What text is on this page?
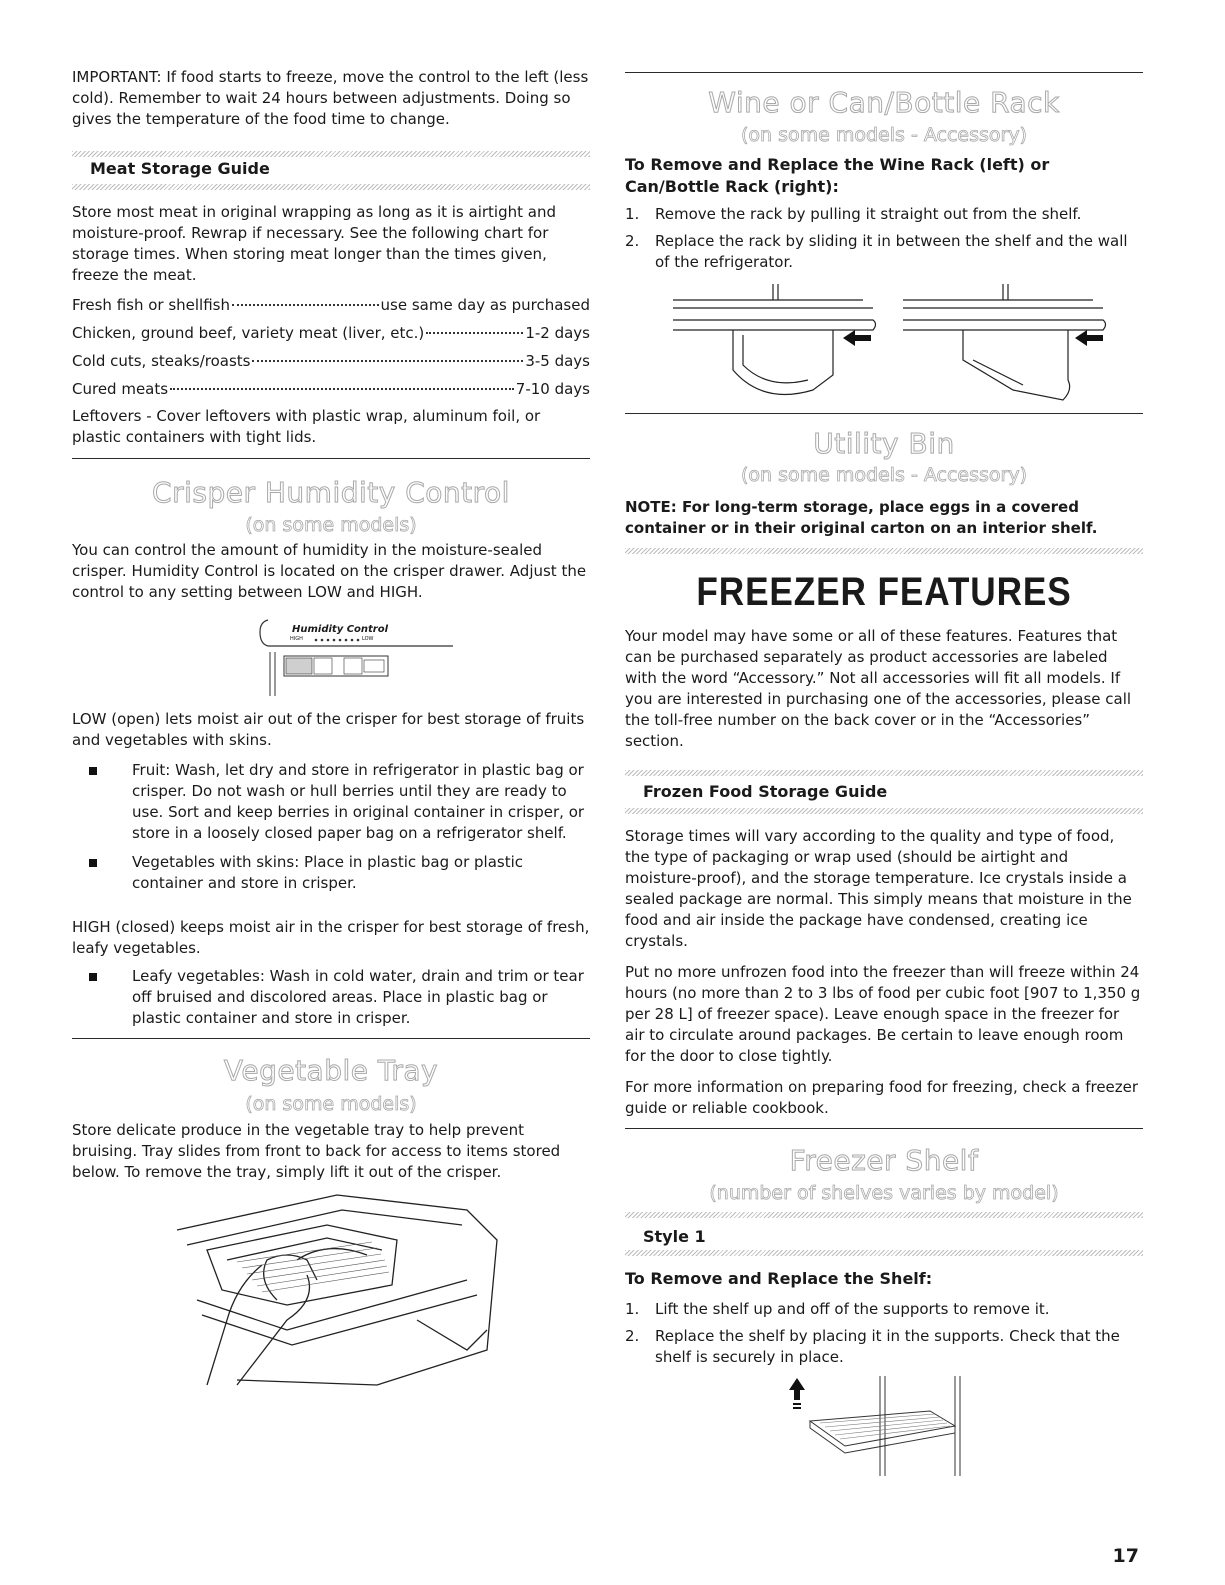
IMPORTANT: If food starts to freeze, move the control to the left (less cold). Remember to wait 24 hours between adjustments. Doing so gives the temperature of the food time to change.

Meat Storage Guide

Store most meat in original wrapping as long as it is airtight and moisture-proof. Rewrap if necessary. See the following chart for storage times. When storing meat longer than the times given, freeze the meat.

Fresh fish or shellfish	use same day as purchased
Chicken, ground beef, variety meat (liver, etc.)	1-2 days
Cold cuts, steaks/roasts	3-5 days
Cured meats	7-10 days

Leftovers - Cover leftovers with plastic wrap, aluminum foil, or plastic containers with tight lids.

Crisper Humidity Control
(on some models)

You can control the amount of humidity in the moisture-sealed crisper. Humidity Control is located on the crisper drawer. Adjust the control to any setting between LOW and HIGH.

Humidity Control
HIGH	LOW

LOW (open) lets moist air out of the crisper for best storage of fruits and vegetables with skins.

Fruit: Wash, let dry and store in refrigerator in plastic bag or crisper. Do not wash or hull berries until they are ready to use. Sort and keep berries in original container in crisper, or store in a loosely closed paper bag on a refrigerator shelf.
Vegetables with skins: Place in plastic bag or plastic container and store in crisper.

HIGH (closed) keeps moist air in the crisper for best storage of fresh, leafy vegetables.

Leafy vegetables: Wash in cold water, drain and trim or tear off bruised and discolored areas. Place in plastic bag or plastic container and store in crisper.
Vegetable Tray
(on some models)

Store delicate produce in the vegetable tray to help prevent bruising. Tray slides from front to back for access to items stored below. To remove the tray, simply lift it out of the crisper.

Wine or Can/Bottle Rack
(on some models - Accessory)
To Remove and Replace the Wine Rack (left) or Can/Bottle Rack (right):
1.	Remove the rack by pulling it straight out from the shelf.
2.	Replace the rack by sliding it in between the shelf and the wall of the refrigerator.
Utility Bin
(on some models - Accessory)

NOTE: For long-term storage, place eggs in a covered container or in their original carton on an interior shelf.

FREEZER FEATURES

Your model may have some or all of these features. Features that can be purchased separately as product accessories are labeled with the word “Accessory.” Not all accessories will fit all models. If you are interested in purchasing one of the accessories, please call the toll-free number on the back cover or in the “Accessories” section.

Frozen Food Storage Guide

Storage times will vary according to the quality and type of food, the type of packaging or wrap used (should be airtight and moisture-proof), and the storage temperature. Ice crystals inside a sealed package are normal. This simply means that moisture in the food and air inside the package have condensed, creating ice crystals.

Put no more unfrozen food into the freezer than will freeze within 24 hours (no more than 2 to 3 lbs of food per cubic foot [907 to 1,350 g per 28 L] of freezer space). Leave enough space in the freezer for air to circulate around packages. Be certain to leave enough room for the door to close tightly.

For more information on preparing food for freezing, check a freezer guide or reliable cookbook.

Freezer Shelf
(number of shelves varies by model)
Style 1
To Remove and Replace the Shelf:
1.	Lift the shelf up and off of the supports to remove it.
2.	Replace the shelf by placing it in the supports. Check that the shelf is securely in place.
17
